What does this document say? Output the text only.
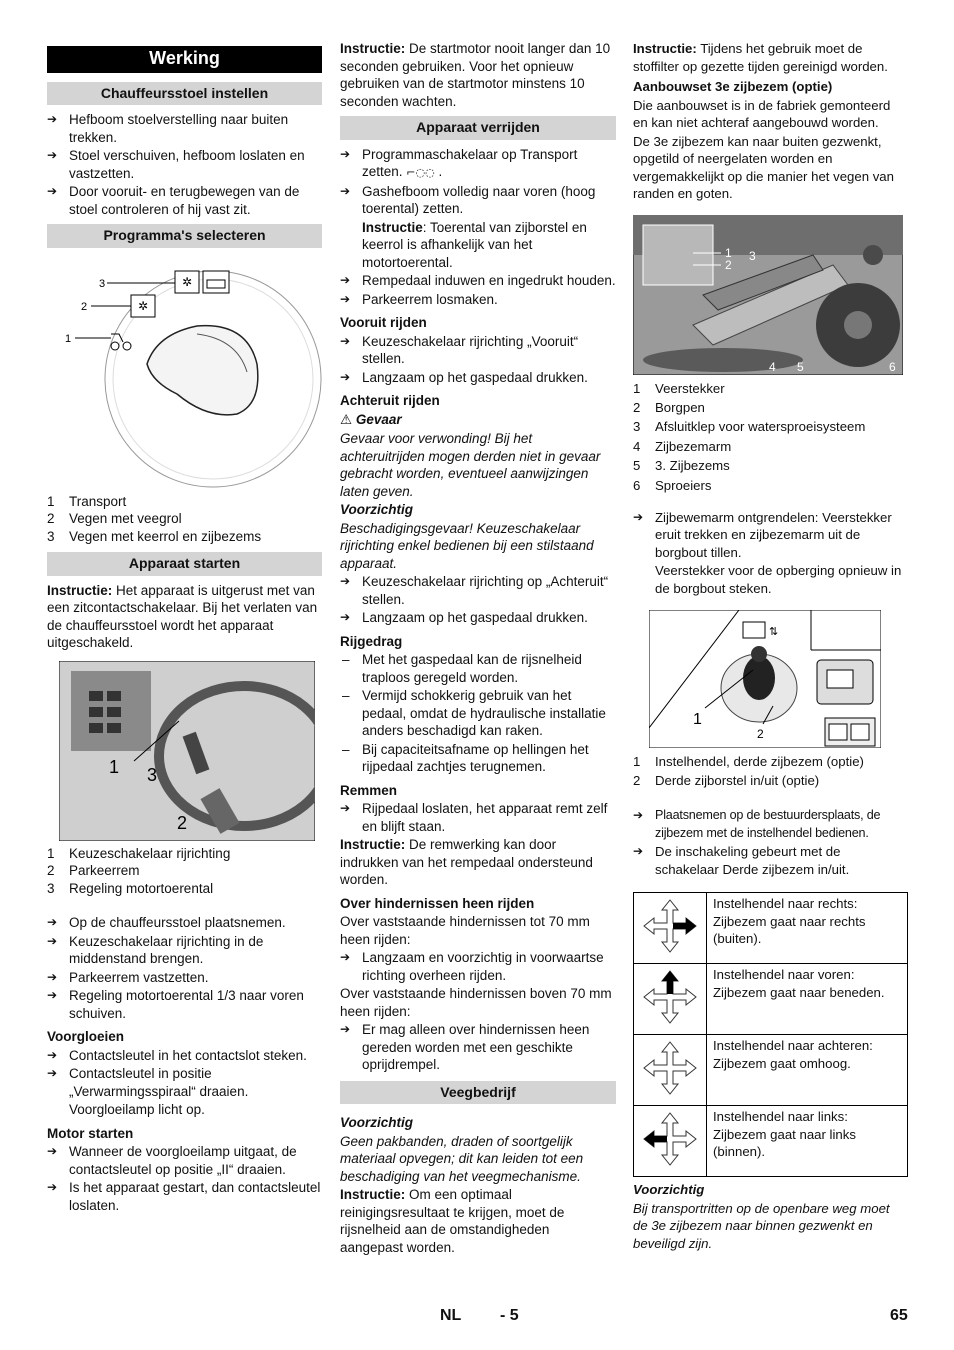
Werking
Chauffeursstoel instellen
➔ Hefboom stoelverstelling naar buiten trekken.
➔ Stoel verschuiven, hefboom loslaten en vastzetten.
➔ Door vooruit- en terugbewegen van de stoel controleren of hij vast zit.
Programma's selecteren
✲
✲
3
2
1
1	Transport
2	Vegen met veegrol
3	Vegen met keerrol en zijbezems
Apparaat starten

Instructie: Het apparaat is uitgerust met van een zitcontactschakelaar. Bij het verlaten van de chauffeursstoel wordt het apparaat uitgeschakeld.

1 3
2
1	Keuzeschakelaar rijrichting
2	Parkeerrem
3	Regeling motortoerental
➔ Op de chauffeursstoel plaatsnemen.
➔ Keuzeschakelaar rijrichting in de middenstand brengen.
➔ Parkeerrem vastzetten.
➔ Regeling motortoerental 1/3 naar voren schuiven.
Voorgloeien
➔ Contactsleutel in het contactslot steken.
➔ Contactsleutel in positie „Verwarmingsspiraal“ draaien.
Voorgloeilamp licht op.
Motor starten
➔ Wanneer de voorgloeilamp uitgaat, de contactsleutel op positie „II“ draaien.
➔ Is het apparaat gestart, dan contactsleutel loslaten.

Instructie: De startmotor nooit langer dan 10 seconden gebruiken. Voor het opnieuw gebruiken van de startmotor minstens 10 seconden wachten.

Apparaat verrijden
➔ Programmaschakelaar op Transport zetten. ⌐◌◌ .
➔ Gashefboom volledig naar voren (hoog toerental) zetten.

Instructie: Toerental van zijborstel en keerrol is afhankelijk van het motortoerental.

➔ Rempedaal induwen en ingedrukt houden.
➔ Parkeerrem losmaken.
Vooruit rijden
➔ Keuzeschakelaar rijrichting „Vooruit“ stellen.
➔ Langzaam op het gaspedaal drukken.
Achteruit rijden

⚠ Gevaar

Gevaar voor verwonding! Bij het achteruitrijden mogen derden niet in gevaar gebracht worden, eventueel aanwijzingen laten geven.

Voorzichtig

Beschadigingsgevaar! Keuzeschakelaar rijrichting enkel bedienen bij een stilstaand apparaat.

➔ Keuzeschakelaar rijrichting op „Achteruit“ stellen.
➔ Langzaam op het gaspedaal drukken.
Rijgedrag
– Met het gaspedaal kan de rijsnelheid traploos geregeld worden.
– Vermijd schokkerig gebruik van het pedaal, omdat de hydraulische installatie anders beschadigd kan raken.
– Bij capaciteitsafname op hellingen het rijpedaal zachtjes terugnemen.
Remmen
➔ Rijpedaal loslaten, het apparaat remt zelf en blijft staan.

Instructie: De remwerking kan door indrukken van het rempedaal ondersteund worden.

Over hindernissen heen rijden

Over vaststaande hindernissen tot 70 mm heen rijden:

➔ Langzaam en voorzichtig in voorwaartse richting overheen rijden.

Over vaststaande hindernissen boven 70 mm heen rijden:

➔ Er mag alleen over hindernissen heen gereden worden met een geschikte oprijdrempel.
Veegbedrijf

Voorzichtig

Geen pakbanden, draden of soortgelijk materiaal opvegen; dit kan leiden tot een beschadiging van het veegmechanisme.

Instructie: Om een optimaal reinigingsresultaat te krijgen, moet de rijsnelheid aan de omstandigheden aangepast worden.

Instructie: Tijdens het gebruik moet de stoffilter op gezette tijden gereinigd worden.

Aanbouwset 3e zijbezem (optie)

Die aanbouwset is in de fabriek gemonteerd en kan niet achteraf aangebouwd worden.

De 3e zijbezem kan naar buiten gezwenkt, opgetild of neergelaten worden en vergemakkelijkt op die manier het vegen van randen en goten.

1
2
3
4 5	6
1	Veerstekker
2	Borgpen
3	Afsluitklep voor watersproeisysteem
4	Zijbezemarm
5	3. Zijbezems
6	Sproeiers
➔ Zijbewemarm ontgrendelen: Veerstekker eruit trekken en zijbezemarm uit de borgbout tillen.
Veerstekker voor de opberging opnieuw in de borgbout steken.
⇅
1
2
1	Instelhendel, derde zijbezem (optie)
2	Derde zijborstel in/uit (optie)
➔ Plaatsnemen op de bestuurdersplaats, de zijbezem met de instelhendel bedienen.
➔ De inschakeling gebeurt met de schakelaar Derde zijbezem in/uit.
	Instelhendel naar rechts: Zijbezem gaat naar rechts (buiten).
	Instelhendel naar voren: Zijbezem gaat naar beneden.
	Instelhendel naar achteren: Zijbezem gaat omhoog.
	Instelhendel naar links: Zijbezem gaat naar links (binnen).

Voorzichtig

Bij transportritten op de openbare weg moet de 3e zijbezem naar binnen gezwenkt en beveiligd zijn.

NL - 5	65
